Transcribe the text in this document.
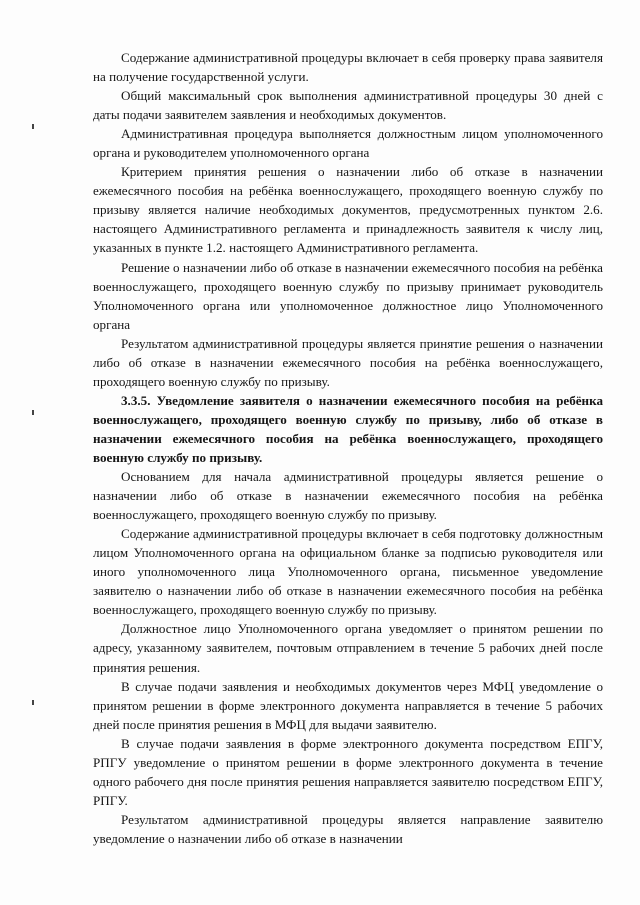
Содержание административной процедуры включает в себя проверку права заявителя на получение государственной услуги.

Общий максимальный срок выполнения административной процедуры 30 дней с даты подачи заявителем заявления и необходимых документов.

Административная процедура выполняется должностным лицом уполномоченного органа и руководителем уполномоченного органа

Критерием принятия решения о назначении либо об отказе в назначении ежемесячного пособия на ребёнка военнослужащего, проходящего военную службу по призыву является наличие необходимых документов, предусмотренных пунктом 2.6. настоящего Административного регламента и принадлежность заявителя к числу лиц, указанных в пункте 1.2. настоящего Административного регламента.

Решение о назначении либо об отказе в назначении ежемесячного пособия на ребёнка военнослужащего, проходящего военную службу по призыву принимает руководитель Уполномоченного органа или уполномоченное должностное лицо Уполномоченного органа

Результатом административной процедуры является принятие решения о назначении либо об отказе в назначении ежемесячного пособия на ребёнка военнослужащего, проходящего военную службу по призыву.

3.3.5. Уведомление заявителя о назначении ежемесячного пособия на ребёнка военнослужащего, проходящего военную службу по призыву, либо об отказе в назначении ежемесячного пособия на ребёнка военнослужащего, проходящего военную службу по призыву.

Основанием для начала административной процедуры является решение о назначении либо об отказе в назначении ежемесячного пособия на ребёнка военнослужащего, проходящего военную службу по призыву.

Содержание административной процедуры включает в себя подготовку должностным лицом Уполномоченного органа на официальном бланке за подписью руководителя или иного уполномоченного лица Уполномоченного органа, письменное уведомление заявителю о назначении либо об отказе в назначении ежемесячного пособия на ребёнка военнослужащего, проходящего военную службу по призыву.

Должностное лицо Уполномоченного органа уведомляет о принятом решении по адресу, указанному заявителем, почтовым отправлением в течение 5 рабочих дней после принятия решения.

В случае подачи заявления и необходимых документов через МФЦ уведомление о принятом решении в форме электронного документа направляется в течение 5 рабочих дней после принятия решения в МФЦ для выдачи заявителю.

В случае подачи заявления в форме электронного документа посредством ЕПГУ, РПГУ уведомление о принятом решении в форме электронного документа в течение одного рабочего дня после принятия решения направляется заявителю посредством ЕПГУ, РПГУ.

Результатом административной процедуры является направление заявителю уведомление о назначении либо об отказе в назначении
